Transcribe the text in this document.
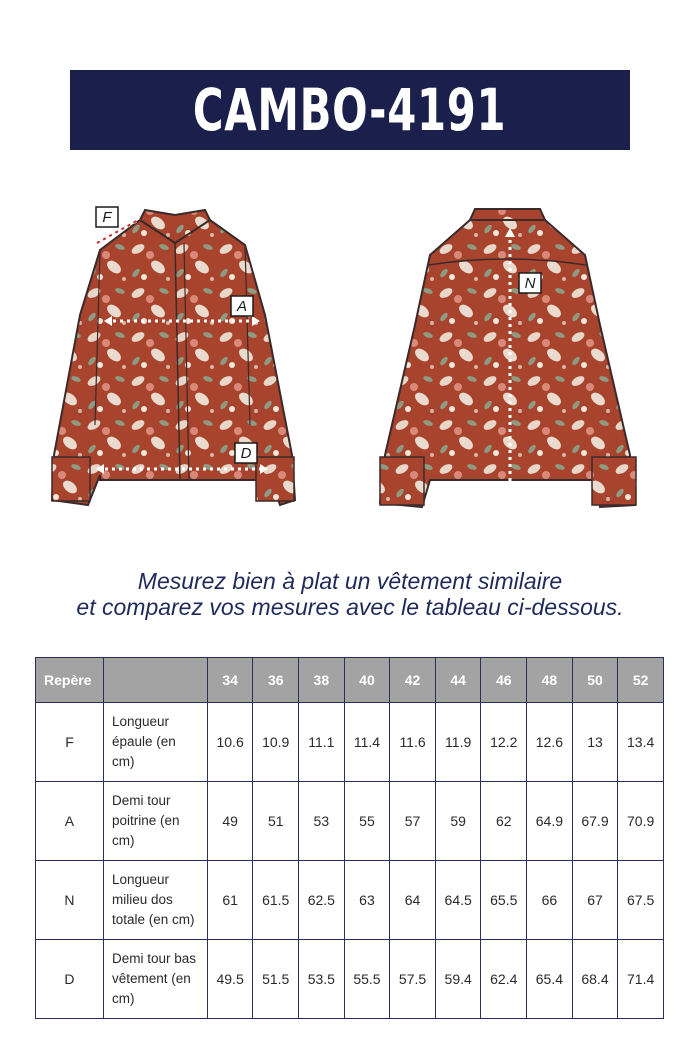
CAMBO-4191
F
A
D
N
Mesurez bien à plat un vêtement similaire
et comparez vos mesures avec le tableau ci-dessous.
Repère		34	36	38	40	42	44	46	48	50	52
F	Longueur épaule (en cm)	10.6	10.9	11.1	11.4	11.6	11.9	12.2	12.6	13	13.4
A	Demi tour poitrine (en cm)	49	51	53	55	57	59	62	64.9	67.9	70.9
N	Longueur milieu dos totale (en cm)	61	61.5	62.5	63	64	64.5	65.5	66	67	67.5
D	Demi tour bas vêtement (en cm)	49.5	51.5	53.5	55.5	57.5	59.4	62.4	65.4	68.4	71.4
